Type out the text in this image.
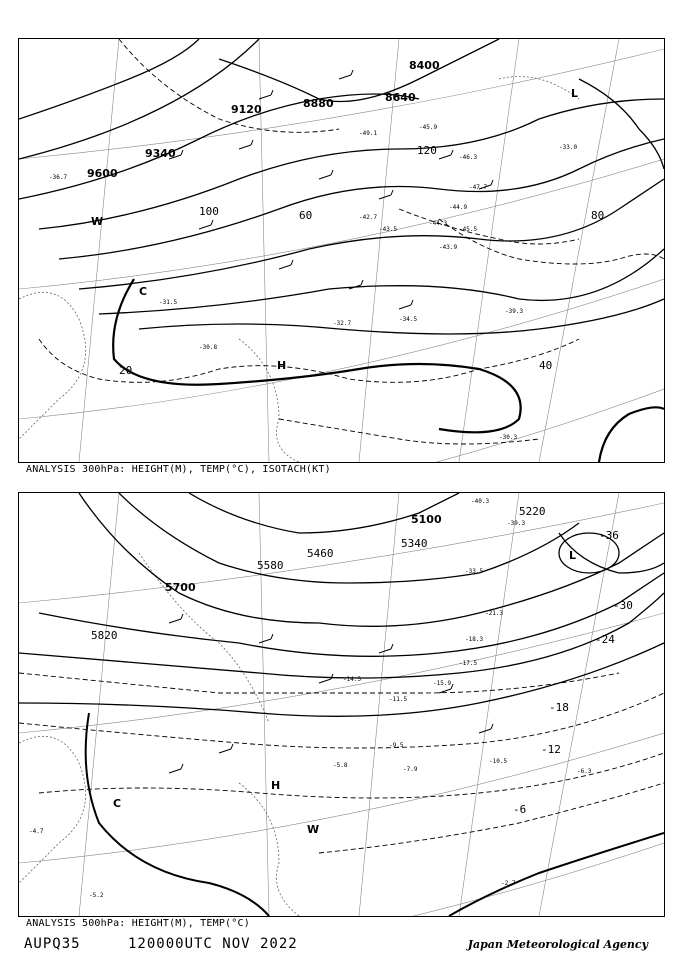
9600
9120
9340
8880
8400
8640
20	40
60	80
100
120
L
H
C
W
-33.0
-45.9
-49.1
-42.7
-44.3
-43.5	-45.5
-47.7
-43.9
-31.5
-34.5
-30.8
-39.3
-32.7
-30.3
-36.7
-46.3
-44.9
ANALYSIS 300hPa: HEIGHT(M), TEMP(°C), ISOTACH(KT)
5700
5580
5460
5820
5220
5100
5340
-36
-30
-24
-18
-12
-6
L
C
H
W
-33.5
-21.3
-18.3
-17.5
-15.9
-14.5
-11.5
-9.5
-7.9
-10.5
-6.3
-5.8
-4.7
-2.7
-5.2
-40.3
-39.3
ANALYSIS 500hPa: HEIGHT(M), TEMP(°C)
AUPQ35	120000UTC NOV 2022	Japan Meteorological Agency
